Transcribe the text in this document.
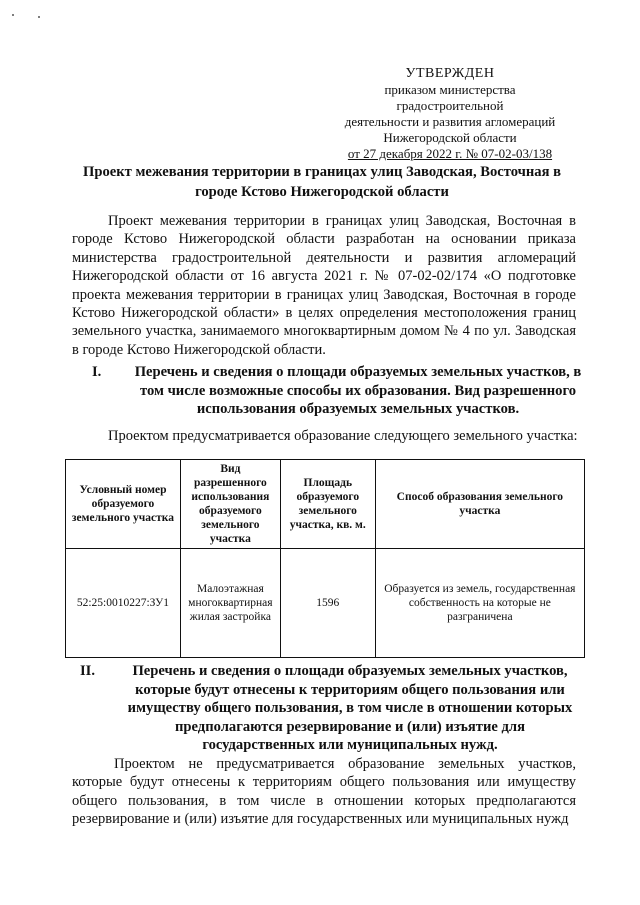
УТВЕРЖДЕН
приказом министерства градостроительной
деятельности и развития агломераций
Нижегородской области
от 27 декабря 2022 г. № 07-02-03/138
Проект межевания территории в границах улиц Заводская, Восточная в городе Кстово Нижегородской области
Проект межевания территории в границах улиц Заводская, Восточная в городе Кстово Нижегородской области разработан на основании приказа министерства градостроительной деятельности и развития агломераций Нижегородской области от 16 августа 2021 г. № 07-02-02/174 «О подготовке проекта межевания территории в границах улиц Заводская, Восточная в городе Кстово Нижегородской области» в целях определения местоположения границ земельного участка, занимаемого многоквартирным домом № 4 по ул. Заводская в городе Кстово Нижегородской области.
I. Перечень и сведения о площади образуемых земельных участков, в том числе возможные способы их образования. Вид разрешенного использования образуемых земельных участков.
Проектом предусматривается образование следующего земельного участка:
Условный номер образуемого земельного участка	Вид разрешенного использования образуемого земельного участка	Площадь образуемого земельного участка, кв. м.	Способ образования земельного участка
52:25:0010227:ЗУ1	Малоэтажная многоквартирная жилая застройка	1596	Образуется из земель, государственная собственность на которые не разграничена
II.	Перечень и сведения о площади образуемых земельных участков, которые будут отнесены к территориям общего пользования или имуществу общего пользования, в том числе в отношении которых предполагаются резервирование и (или) изъятие для государственных или муниципальных нужд.
Проектом не предусматривается образование земельных участков, которые будут отнесены к территориям общего пользования или имуществу общего пользования, в том числе в отношении которых предполагаются резервирование и (или) изъятие для государственных или муниципальных нужд
